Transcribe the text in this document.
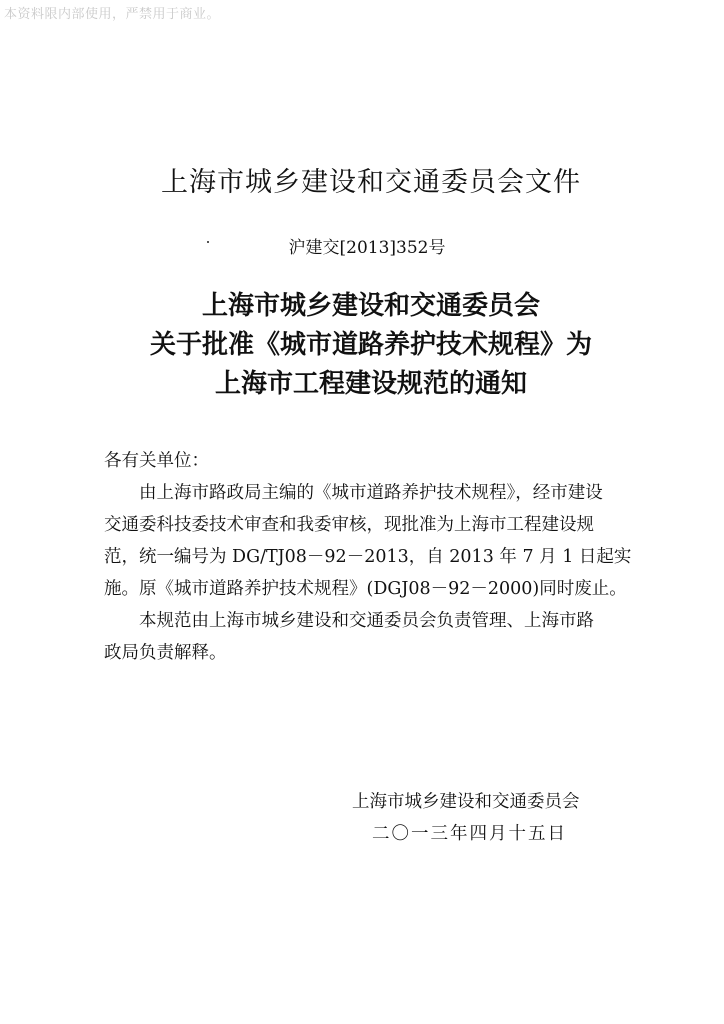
本资料限内部使用，严禁用于商业。
上海市城乡建设和交通委员会文件
沪建交[2013]352号
上海市城乡建设和交通委员会
关于批准《城市道路养护技术规程》为
上海市工程建设规范的通知

各有关单位：

由上海市路政局主编的《城市道路养护技术规程》，经市建设
交通委科技委技术审查和我委审核，现批准为上海市工程建设规
范，统一编号为 DG/TJ08－92－2013，自 2013 年 7 月 1 日起实
施。原《城市道路养护技术规程》(DGJ08－92－2000)同时废止。

本规范由上海市城乡建设和交通委员会负责管理、上海市路
政局负责解释。

上海市城乡建设和交通委员会
二〇一三年四月十五日
